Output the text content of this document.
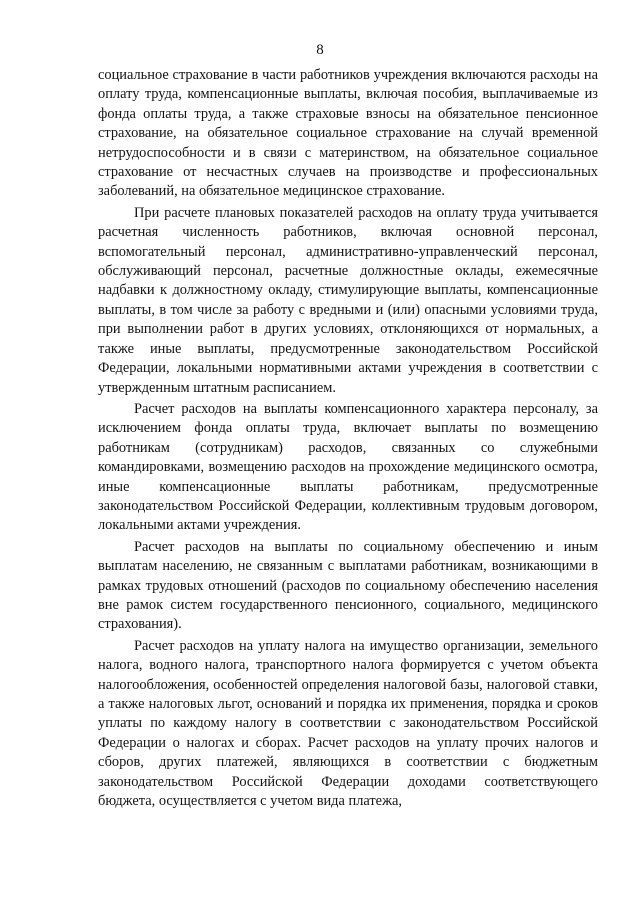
8

социальное страхование в части работников учреждения включаются расходы на оплату труда, компенсационные выплаты, включая пособия, выплачиваемые из фонда оплаты труда, а также страховые взносы на обязательное пенсионное страхование, на обязательное социальное страхование на случай временной нетрудоспособности и в связи с материнством, на обязательное социальное страхование от несчастных случаев на производстве и профессиональных заболеваний, на обязательное медицинское страхование.

При расчете плановых показателей расходов на оплату труда учитывается расчетная численность работников, включая основной персонал, вспомогательный персонал, административно-управленческий персонал, обслуживающий персонал, расчетные должностные оклады, ежемесячные надбавки к должностному окладу, стимулирующие выплаты, компенсационные выплаты, в том числе за работу с вредными и (или) опасными условиями труда, при выполнении работ в других условиях, отклоняющихся от нормальных, а также иные выплаты, предусмотренные законодательством Российской Федерации, локальными нормативными актами учреждения в соответствии с утвержденным штатным расписанием.

Расчет расходов на выплаты компенсационного характера персоналу, за исключением фонда оплаты труда, включает выплаты по возмещению работникам (сотрудникам) расходов, связанных со служебными командировками, возмещению расходов на прохождение медицинского осмотра, иные компенсационные выплаты работникам, предусмотренные законодательством Российской Федерации, коллективным трудовым договором, локальными актами учреждения.

Расчет расходов на выплаты по социальному обеспечению и иным выплатам населению, не связанным с выплатами работникам, возникающими в рамках трудовых отношений (расходов по социальному обеспечению населения вне рамок систем государственного пенсионного, социального, медицинского страхования).

Расчет расходов на уплату налога на имущество организации, земельного налога, водного налога, транспортного налога формируется с учетом объекта налогообложения, особенностей определения налоговой базы, налоговой ставки, а также налоговых льгот, оснований и порядка их применения, порядка и сроков уплаты по каждому налогу в соответствии с законодательством Российской Федерации о налогах и сборах. Расчет расходов на уплату прочих налогов и сборов, других платежей, являющихся в соответствии с бюджетным законодательством Российской Федерации доходами соответствующего бюджета, осуществляется с учетом вида платежа,
